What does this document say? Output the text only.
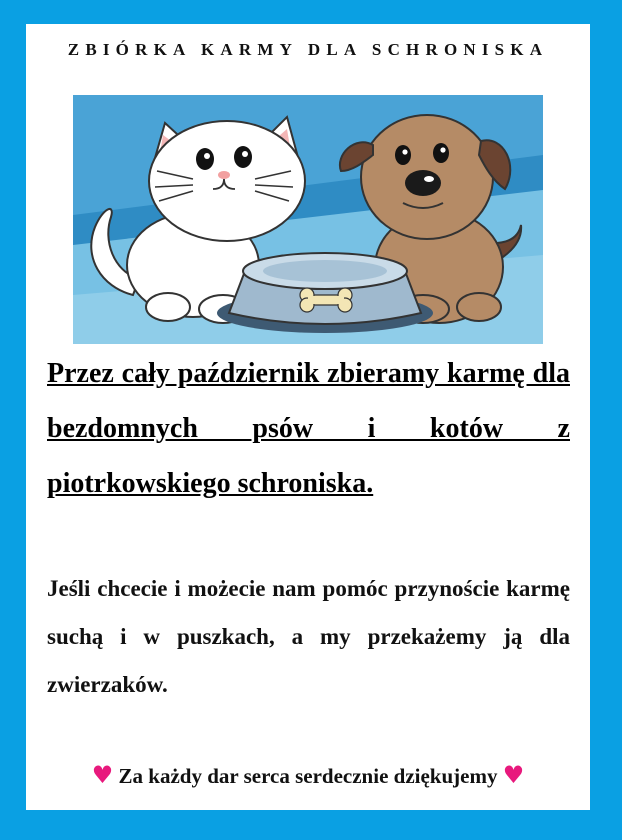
ZBIÓRKA KARMY DLA SCHRONISKA

Przez cały październik zbieramy karmę dla bezdomnych psów i kotów z piotrkowskiego schroniska.

Jeśli chcecie i możecie nam pomóc przynoście karmę suchą i w puszkach, a my przekażemy ją dla zwierzaków.

♥ Za każdy dar serca serdecznie dziękujemy ♥
